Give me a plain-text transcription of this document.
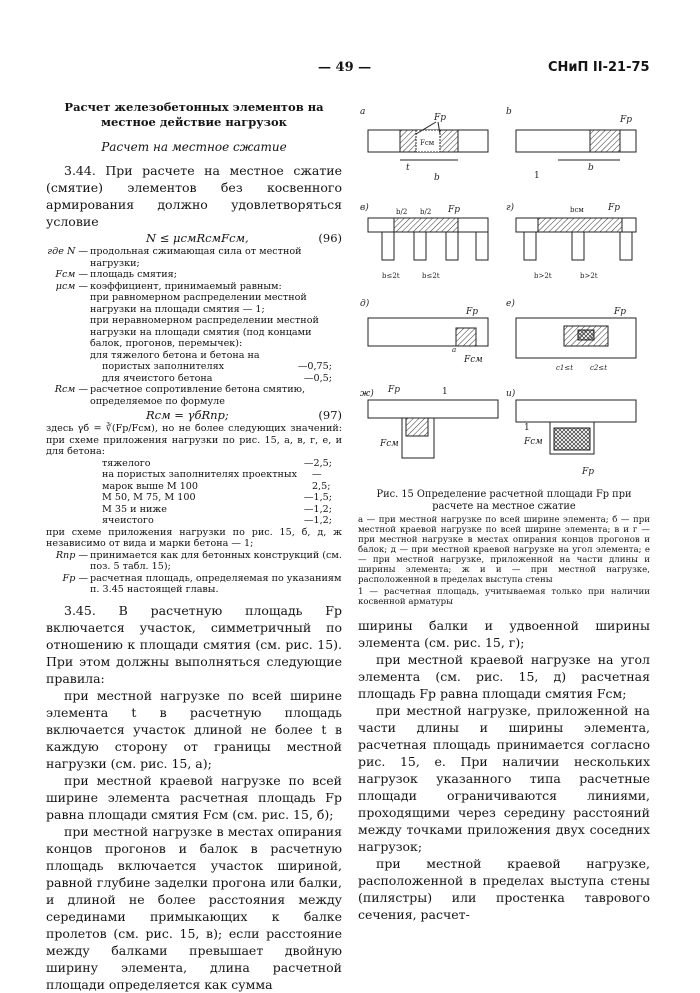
— 49 —	СНиП II-21-75
Расчет железобетонных элементов на местное действие нагрузок
Расчет на местное сжатие

3.44. При расчете на местное сжатие (смятие) элементов без косвенного армирования должно удовлетворяться условие

N ≤ μсмRсмFсм,	(96)
где N — продольная сжимающая сила от местной нагрузки;
Fсм — площадь смятия;
μсм — коэффициент, принимаемый равным:
при равномерном распределении местной нагрузки на площади смятия — 1;
при неравномерном распределении местной нагрузки на площади смятия (под концами балок, прогонов, перемычек):
для тяжелого бетона и бетона на
пористых заполнителях	—0,75;
для ячеистого бетона	—0,5;
Rсм — расчетное сопротивление бетона смятию, определяемое по формуле
Rсм = γбRпр;	(97)

здесь γб = ∛(Fр/Fсм), но не более следующих значений: при схеме приложения нагрузки по рис. 15, а, в, г, е, и для бетона:

тяжелого	—2,5;
на пористых заполнителях проектных марок выше М 100
—2,5;
М 50, М 75, М 100	—1,5;
М 35 и ниже	—1,2;
ячеистого	—1,2;

при схеме приложения нагрузки по рис. 15, б, д, ж независимо от вида и марки бетона — 1;

Rпр — принимается как для бетонных конструкций (см. поз. 5 табл. 15);
Fр — расчетная площадь, определяемая по указаниям п. 3.45 настоящей главы.

3.45. В расчетную площадь Fр включается участок, симметричный по отношению к площади смятия (см. рис. 15). При этом должны выполняться следующие правила:

при местной нагрузке по всей ширине элемента t в расчетную площадь включается участок длиной не более t в каждую сторону от границы местной нагрузки (см. рис. 15, а);

при местной краевой нагрузке по всей ширине элемента расчетная площадь Fр равна площади смятия Fсм (см. рис. 15, б);

при местной нагрузке в местах опирания концов прогонов и балок в расчетную площадь включается участок шириной, равной глубине заделки прогона или балки, и длиной не более расстояния между серединами примыкающих к балке пролетов (см. рис. 15, в); если расстояние между балками превышает двойную ширину элемента, длина расчетной площади определяется как сумма

a
Fсм
Fр
t
b
b
Fр
b
1
в)	b/2 b/2 Fр
b≤2t	b≤2t
г)	bсм	Fр
b>2t	b>2t
д)
Fр
Fсм
a
е)
Fр
c1≤t c2≤t
ж) Fр	1
Fсм
и)
Fсм
Fр
1
Рис. 15 Определение расчетной площади Fр при расчете на местное сжатие
а — при местной нагрузке по всей ширине элемента; б — при местной краевой нагрузке по всей ширине элемента; в и г — при местной нагрузке в местах опирания концов прогонов и балок; д — при местной краевой нагрузке на угол элемента; е — при местной нагрузке, приложенной на части длины и ширины элемента; ж и и — при местной нагрузке, расположенной в пределах выступа стены
1 — расчетная площадь, учитываемая только при наличии косвенной арматуры

ширины балки и удвоенной ширины элемента (см. рис. 15, г);

при местной краевой нагрузке на угол элемента (см. рис. 15, д) расчетная площадь Fр равна площади смятия Fсм;

при местной нагрузке, приложенной на части длины и ширины элемента, расчетная площадь принимается согласно рис. 15, е. При наличии нескольких нагрузок указанного типа расчетные площади ограничиваются линиями, проходящими через середину расстояний между точками приложения двух соседних нагрузок;

при местной краевой нагрузке, расположенной в пределах выступа стены (пилястры) или простенка таврового сечения, расчет-
